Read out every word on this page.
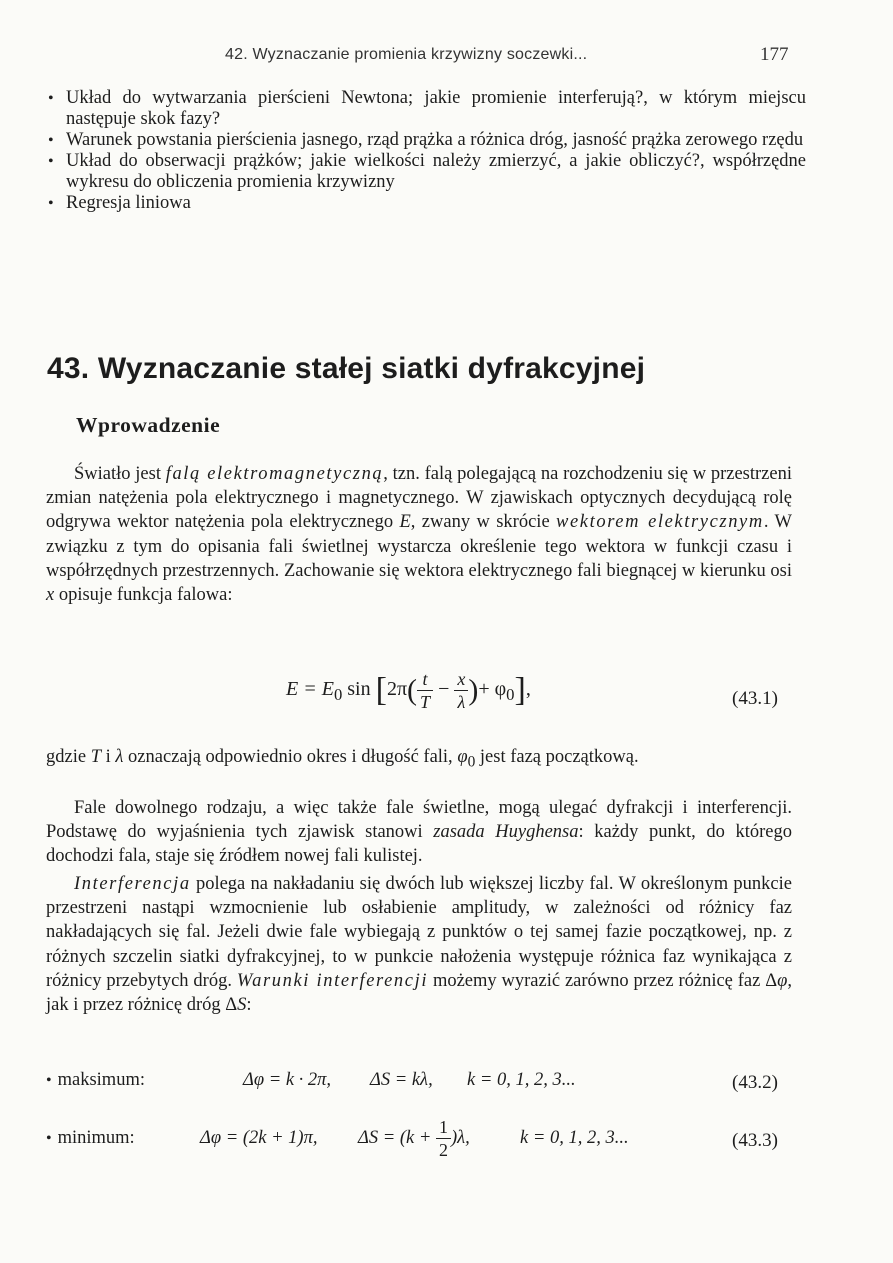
42. Wyznaczanie promienia krzywizny soczewki...	177
• Układ do wytwarzania pierścieni Newtona; jakie promienie interferują?, w którym miejscu następuje skok fazy?
• Warunek powstania pierścienia jasnego, rząd prążka a różnica dróg, jasność prążka zerowego rzędu
• Układ do obserwacji prążków; jakie wielkości należy zmierzyć, a jakie obliczyć?, współrzędne wykresu do obliczenia promienia krzywizny
• Regresja liniowa
43. Wyznaczanie stałej siatki dyfrakcyjnej
Wprowadzenie

Światło jest falą elektromagnetyczną, tzn. falą polegającą na rozchodzeniu się w przestrzeni zmian natężenia pola elektrycznego i magnetycznego. W zjawiskach optycznych decydującą rolę odgrywa wektor natężenia pola elektrycznego E, zwany w skrócie wektorem elektrycznym. W związku z tym do opisania fali świetlnej wystarcza określenie tego wektora w funkcji czasu i współrzędnych przestrzennych. Zachowanie się wektora elektrycznego fali biegnącej w kierunku osi x opisuje funkcja falowa:

$E = E_0$ $\sin [2\pi( \frac{t}{T} - \frac{x}{\lambda}$ )+ $\varphi_0$],	(43.1)

gdzie T i λ oznaczają odpowiednio okres i długość fali, $\varphi_0$ jest fazą początkową.

Fale dowolnego rodzaju, a więc także fale świetlne, mogą ulegać dyfrakcji i interferencji. Podstawę do wyjaśnienia tych zjawisk stanowi zasada Huyghensa: każdy punkt, do którego dochodzi fala, staje się źródłem nowej fali kulistej.

Interferencja polega na nakładaniu się dwóch lub większej liczby fal. W określonym punkcie przestrzeni nastąpi wzmocnienie lub osłabienie amplitudy, w zależności od różnicy faz nakładających się fal. Jeżeli dwie fale wybiegają z punktów o tej samej fazie początkowej, np. z różnych szczelin siatki dyfrakcyjnej, to w punkcie nałożenia występuje różnica faz wynikająca z różnicy przebytych dróg. Warunki interferencji możemy wyrazić zarówno przez różnicę faz Δφ, jak i przez różnicę dróg ΔS:

• maksimum:	Δφ = k · 2π, ΔS = kλ, k = 0, 1, 2, 3...	(43.2)
• minimum:	Δφ = (2k + 1)π, $\Delta S = (k + \frac{1}{2} )\lambda$,	k = 0, 1, 2, 3...	(43.3)
